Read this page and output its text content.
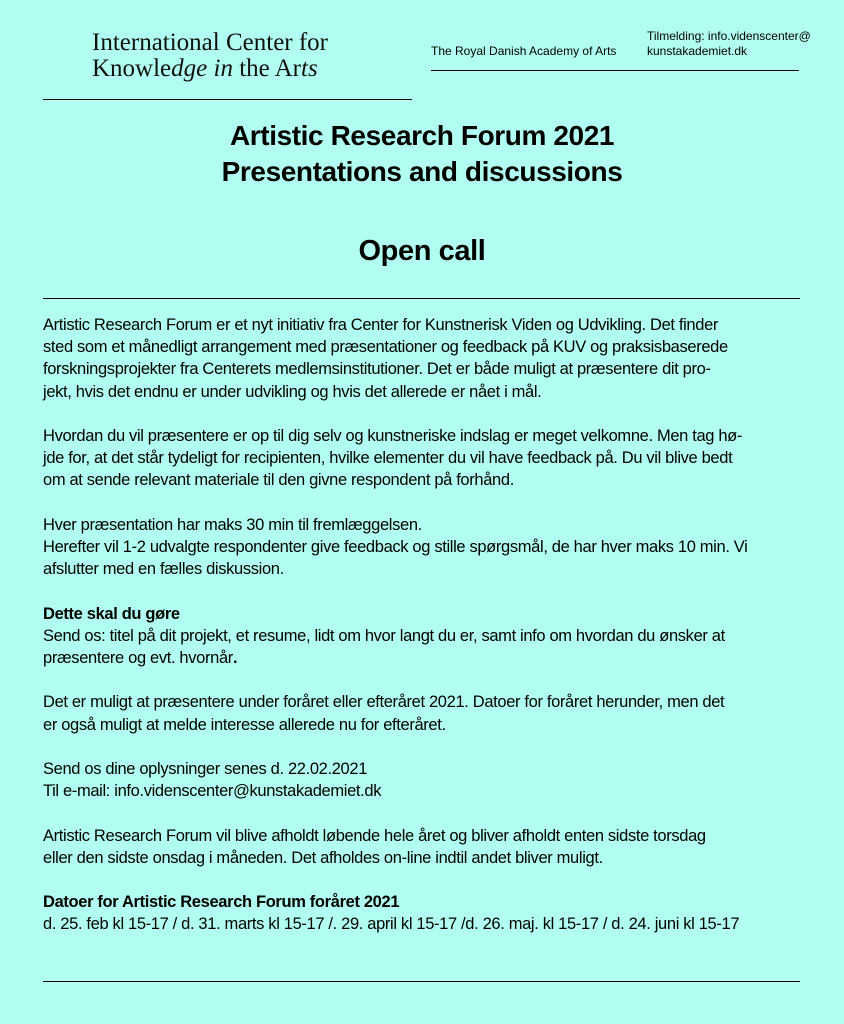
International Center for
Knowledge in the Arts
The Royal Danish Academy of Arts
Tilmelding: info.videnscenter@
kunstakademiet.dk
Artistic Research Forum 2021
Presentations and discussions
Open call

Artistic Research Forum er et nyt initiativ fra Center for Kunstnerisk Viden og Udvikling. Det finder
sted som et månedligt arrangement med præsentationer og feedback på KUV og praksisbaserede
forskningsprojekter fra Centerets medlemsinstitutioner. Det er både muligt at præsentere dit pro-
jekt, hvis det endnu er under udvikling og hvis det allerede er nået i mål.

Hvordan du vil præsentere er op til dig selv og kunstneriske indslag er meget velkomne. Men tag hø-
jde for, at det står tydeligt for recipienten, hvilke elementer du vil have feedback på. Du vil blive bedt
om at sende relevant materiale til den givne respondent på forhånd.

Hver præsentation har maks 30 min til fremlæggelsen.
Herefter vil 1-2 udvalgte respondenter give feedback og stille spørgsmål, de har hver maks 10 min. Vi
afslutter med en fælles diskussion.

Dette skal du gøre
Send os: titel på dit projekt, et resume, lidt om hvor langt du er, samt info om hvordan du ønsker at
præsentere og evt. hvornår.

Det er muligt at præsentere under foråret eller efteråret 2021. Datoer for foråret herunder, men det
er også muligt at melde interesse allerede nu for efteråret.

Send os dine oplysninger senes d. 22.02.2021
Til e-mail: info.videnscenter@kunstakademiet.dk

Artistic Research Forum vil blive afholdt løbende hele året og bliver afholdt enten sidste torsdag
eller den sidste onsdag i måneden. Det afholdes on-line indtil andet bliver muligt.

Datoer for Artistic Research Forum foråret 2021
d. 25. feb kl 15-17 / d. 31. marts kl 15-17 /. 29. april kl 15-17 /d. 26. maj. kl 15-17 / d. 24. juni kl 15-17
